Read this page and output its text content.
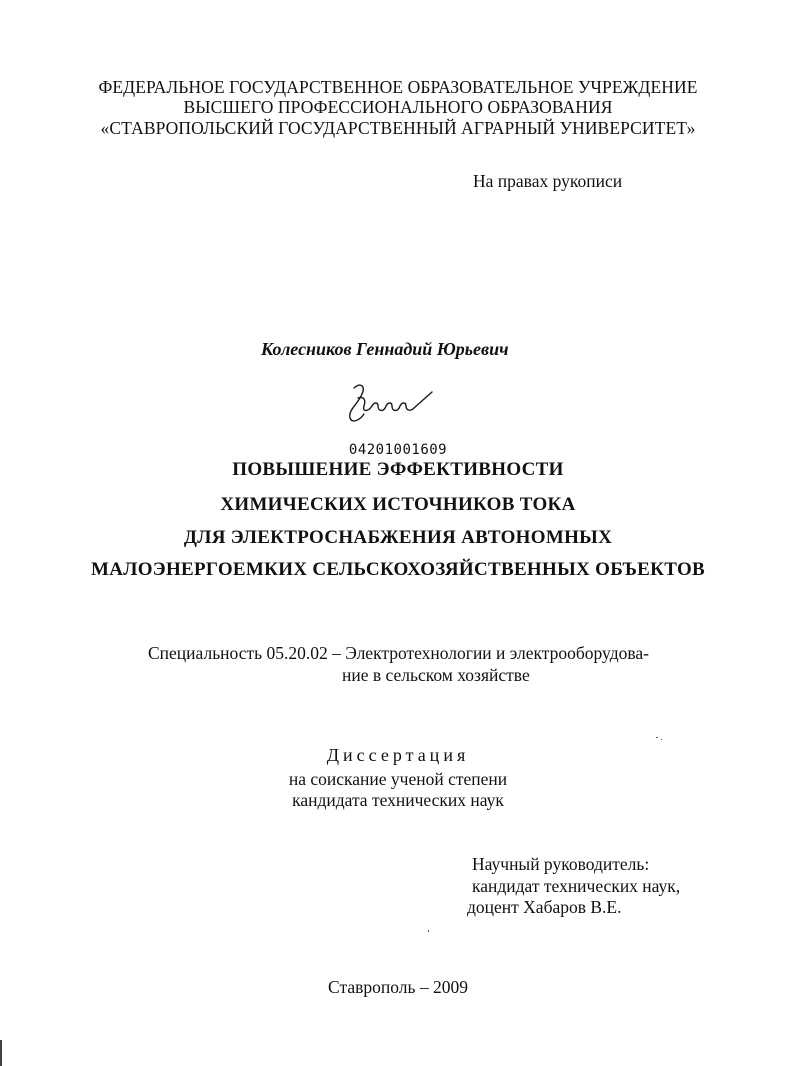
ФЕДЕРАЛЬНОЕ ГОСУДАРСТВЕННОЕ ОБРАЗОВАТЕЛЬНОЕ УЧРЕЖДЕНИЕ
ВЫСШЕГО ПРОФЕССИОНАЛЬНОГО ОБРАЗОВАНИЯ
«СТАВРОПОЛЬСКИЙ ГОСУДАРСТВЕННЫЙ АГРАРНЫЙ УНИВЕРСИТЕТ»
На правах рукописи
Колесников Геннадий Юрьевич
04201001609
ПОВЫШЕНИЕ ЭФФЕКТИВНОСТИ
ХИМИЧЕСКИХ ИСТОЧНИКОВ ТОКА
ДЛЯ ЭЛЕКТРОСНАБЖЕНИЯ АВТОНОМНЫХ
МАЛОЭНЕРГОЕМКИХ СЕЛЬСКОХОЗЯЙСТВЕННЫХ ОБЪЕКТОВ
Специальность 05.20.02 – Электротехнологии и электрооборудова-
ние в сельском хозяйстве
Диссертация
на соискание ученой степени
кандидата технических наук
Научный руководитель:
кандидат технических наук,
доцент Хабаров В.Е.
Ставрополь – 2009
